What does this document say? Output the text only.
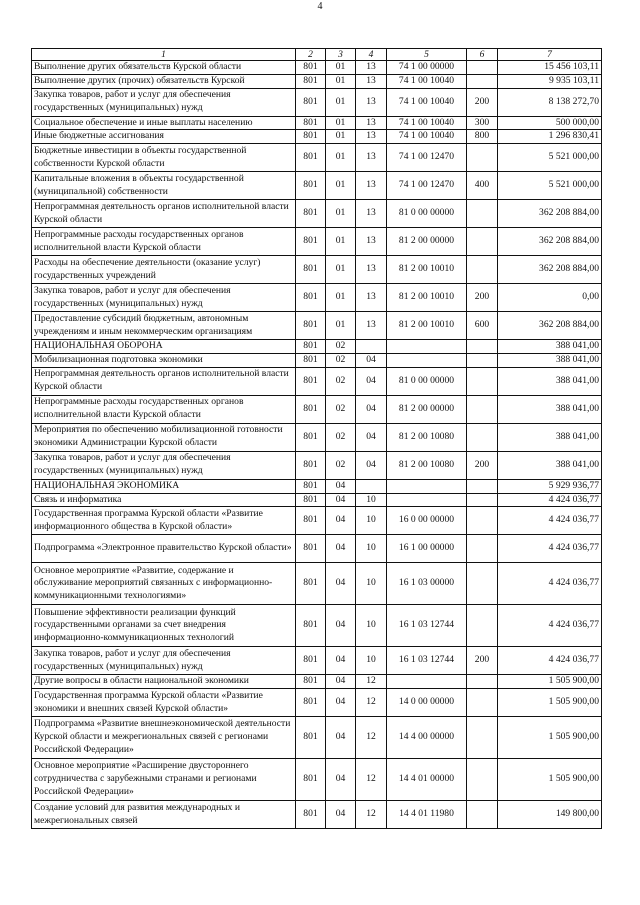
4
1	2	3	4	5	6	7
Выполнение других обязательств Курской области	801	01	13	74 1 00 00000		15 456 103,11
Выполнение других (прочих) обязательств Курской	801	01	13	74 1 00 10040		9 935 103,11
Закупка товаров, работ и услуг для обеспечения государственных (муниципальных) нужд	801	01	13	74 1 00 10040	200	8 138 272,70
Социальное обеспечение и иные выплаты населению	801	01	13	74 1 00 10040	300	500 000,00
Иные бюджетные ассигнования	801	01	13	74 1 00 10040	800	1 296 830,41
Бюджетные инвестиции в объекты государственной собственности Курской области	801	01	13	74 1 00 12470		5 521 000,00
Капитальные вложения в объекты государственной (муниципальной) собственности	801	01	13	74 1 00 12470	400	5 521 000,00
Непрограммная деятельность органов исполнительной власти Курской области	801	01	13	81 0 00 00000		362 208 884,00
Непрограммные расходы государственных органов исполнительной власти Курской области	801	01	13	81 2 00 00000		362 208 884,00
Расходы на обеспечение деятельности (оказание услуг) государственных учреждений	801	01	13	81 2 00 10010		362 208 884,00
Закупка товаров, работ и услуг для обеспечения государственных (муниципальных) нужд	801	01	13	81 2 00 10010	200	0,00
Предоставление субсидий бюджетным, автономным учреждениям и иным некоммерческим организациям	801	01	13	81 2 00 10010	600	362 208 884,00
НАЦИОНАЛЬНАЯ ОБОРОНА	801	02				388 041,00
Мобилизационная подготовка экономики	801	02	04			388 041,00
Непрограммная деятельность органов исполнительной власти Курской области	801	02	04	81 0 00 00000		388 041,00
Непрограммные расходы государственных органов исполнительной власти Курской области	801	02	04	81 2 00 00000		388 041,00
Мероприятия по обеспечению мобилизационной готовности экономики Администрации Курской области	801	02	04	81 2 00 10080		388 041,00
Закупка товаров, работ и услуг для обеспечения государственных (муниципальных) нужд	801	02	04	81 2 00 10080	200	388 041,00
НАЦИОНАЛЬНАЯ ЭКОНОМИКА	801	04				5 929 936,77
Связь и информатика	801	04	10			4 424 036,77
Государственная программа Курской области «Развитие информационного общества в Курской области»	801	04	10	16 0 00 00000		4 424 036,77
Подпрограмма «Электронное правительство Курской области»	801	04	10	16 1 00 00000		4 424 036,77
Основное мероприятие «Развитие, содержание и обслуживание мероприятий связанных с информационно-коммуникационными технологиями»	801	04	10	16 1 03 00000		4 424 036,77
Повышение эффективности реализации функций государственными органами за счет внедрения информационно-коммуникационных технологий	801	04	10	16 1 03 12744		4 424 036,77
Закупка товаров, работ и услуг для обеспечения государственных (муниципальных) нужд	801	04	10	16 1 03 12744	200	4 424 036,77
Другие вопросы в области национальной экономики	801	04	12			1 505 900,00
Государственная программа Курской области «Развитие экономики и внешних связей Курской области»	801	04	12	14 0 00 00000		1 505 900,00
Подпрограмма «Развитие внешнеэкономической деятельности Курской области и межрегиональных связей с регионами Российской Федерации»	801	04	12	14 4 00 00000		1 505 900,00
Основное мероприятие «Расширение двустороннего сотрудничества с зарубежными странами и регионами Российской Федерации»	801	04	12	14 4 01 00000		1 505 900,00
Создание условий для развития международных и межрегиональных связей	801	04	12	14 4 01 11980		149 800,00
